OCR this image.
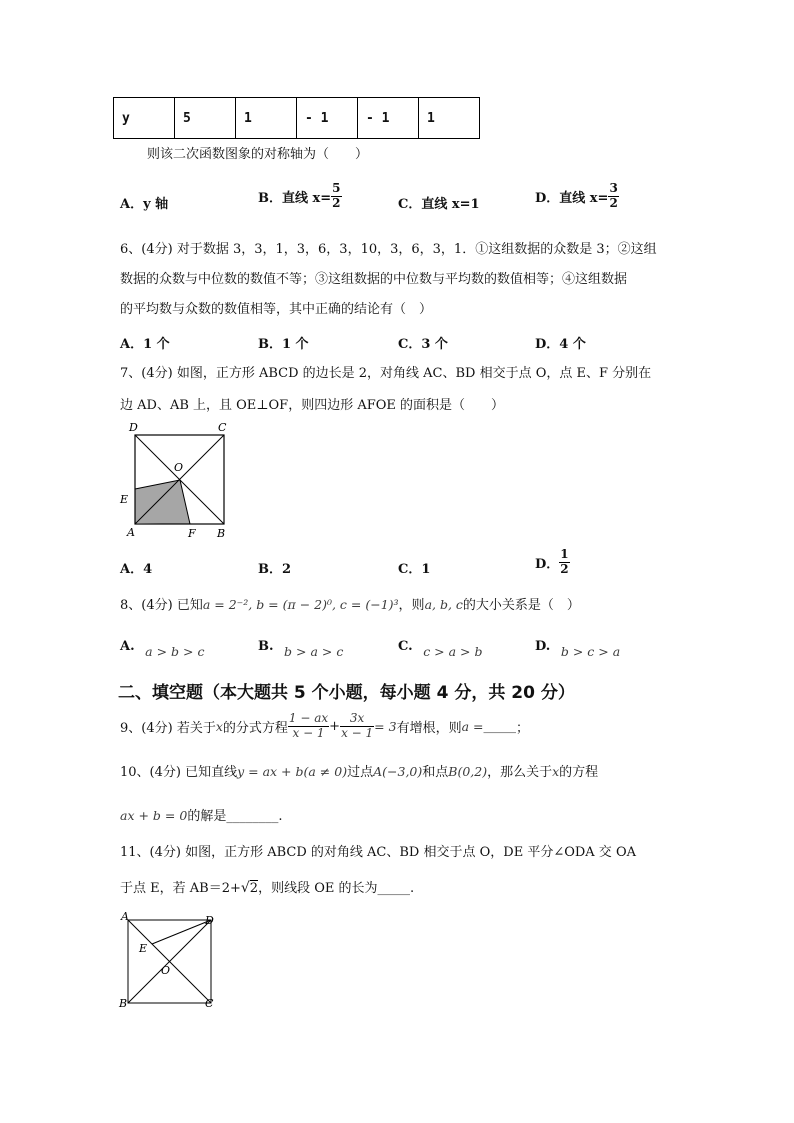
y	5	1	- 1	- 1	1
则该二次函数图象的对称轴为（　　）
A．y 轴	B．直线 $x= \frac{5}{2}$	C．直线 x=1	D．直线 $x= \frac{3}{2}$
6、(4分) 对于数据 3，3，1，3，6，3，10，3，6，3，1．①这组数据的众数是 3；②这组
数据的众数与中位数的数值不等；③这组数据的中位数与平均数的数值相等；④这组数据
的平均数与众数的数值相等，其中正确的结论有（　）
A．1 个	B．1 个	C．3 个	D．4 个
7、(4分) 如图，正方形 ABCD 的边长是 2，对角线 AC、BD 相交于点 O，点 E、F 分别在
边 AD、AB 上，且 OE⊥OF，则四边形 AFOE 的面积是（　　）
D	C
O
E
A	F B
A．4	B．2	C．1	D． $\frac{1}{2}$
8、(4分) 已知a = 2⁻², b = (π − 2)⁰, c = (−1)³，则a, b, c的大小关系是（　）
A. a > b > c	B. b > a > c	C. c > a > b	D. b > c > a
二、填空题（本大题共 5 个小题，每小题 4 分，共 20 分）
9、(4分) 若关于x的分式方程 $\frac{1 - ax}{x - 1} + \frac{3x}{x - 1} = 3$有增根，则a =_____；
10、(4分) 已知直线y = ax + b(a ≠ 0)过点A(−3,0)和点B(0,2)，那么关于x的方程
ax + b = 0的解是________.
11、(4分) 如图，正方形 ABCD 的对角线 AC、BD 相交于点 O，DE 平分∠ODA 交 OA
于点 E，若 AB＝2+√2，则线段 OE 的长为_____.
A	D
E
O
B	C
